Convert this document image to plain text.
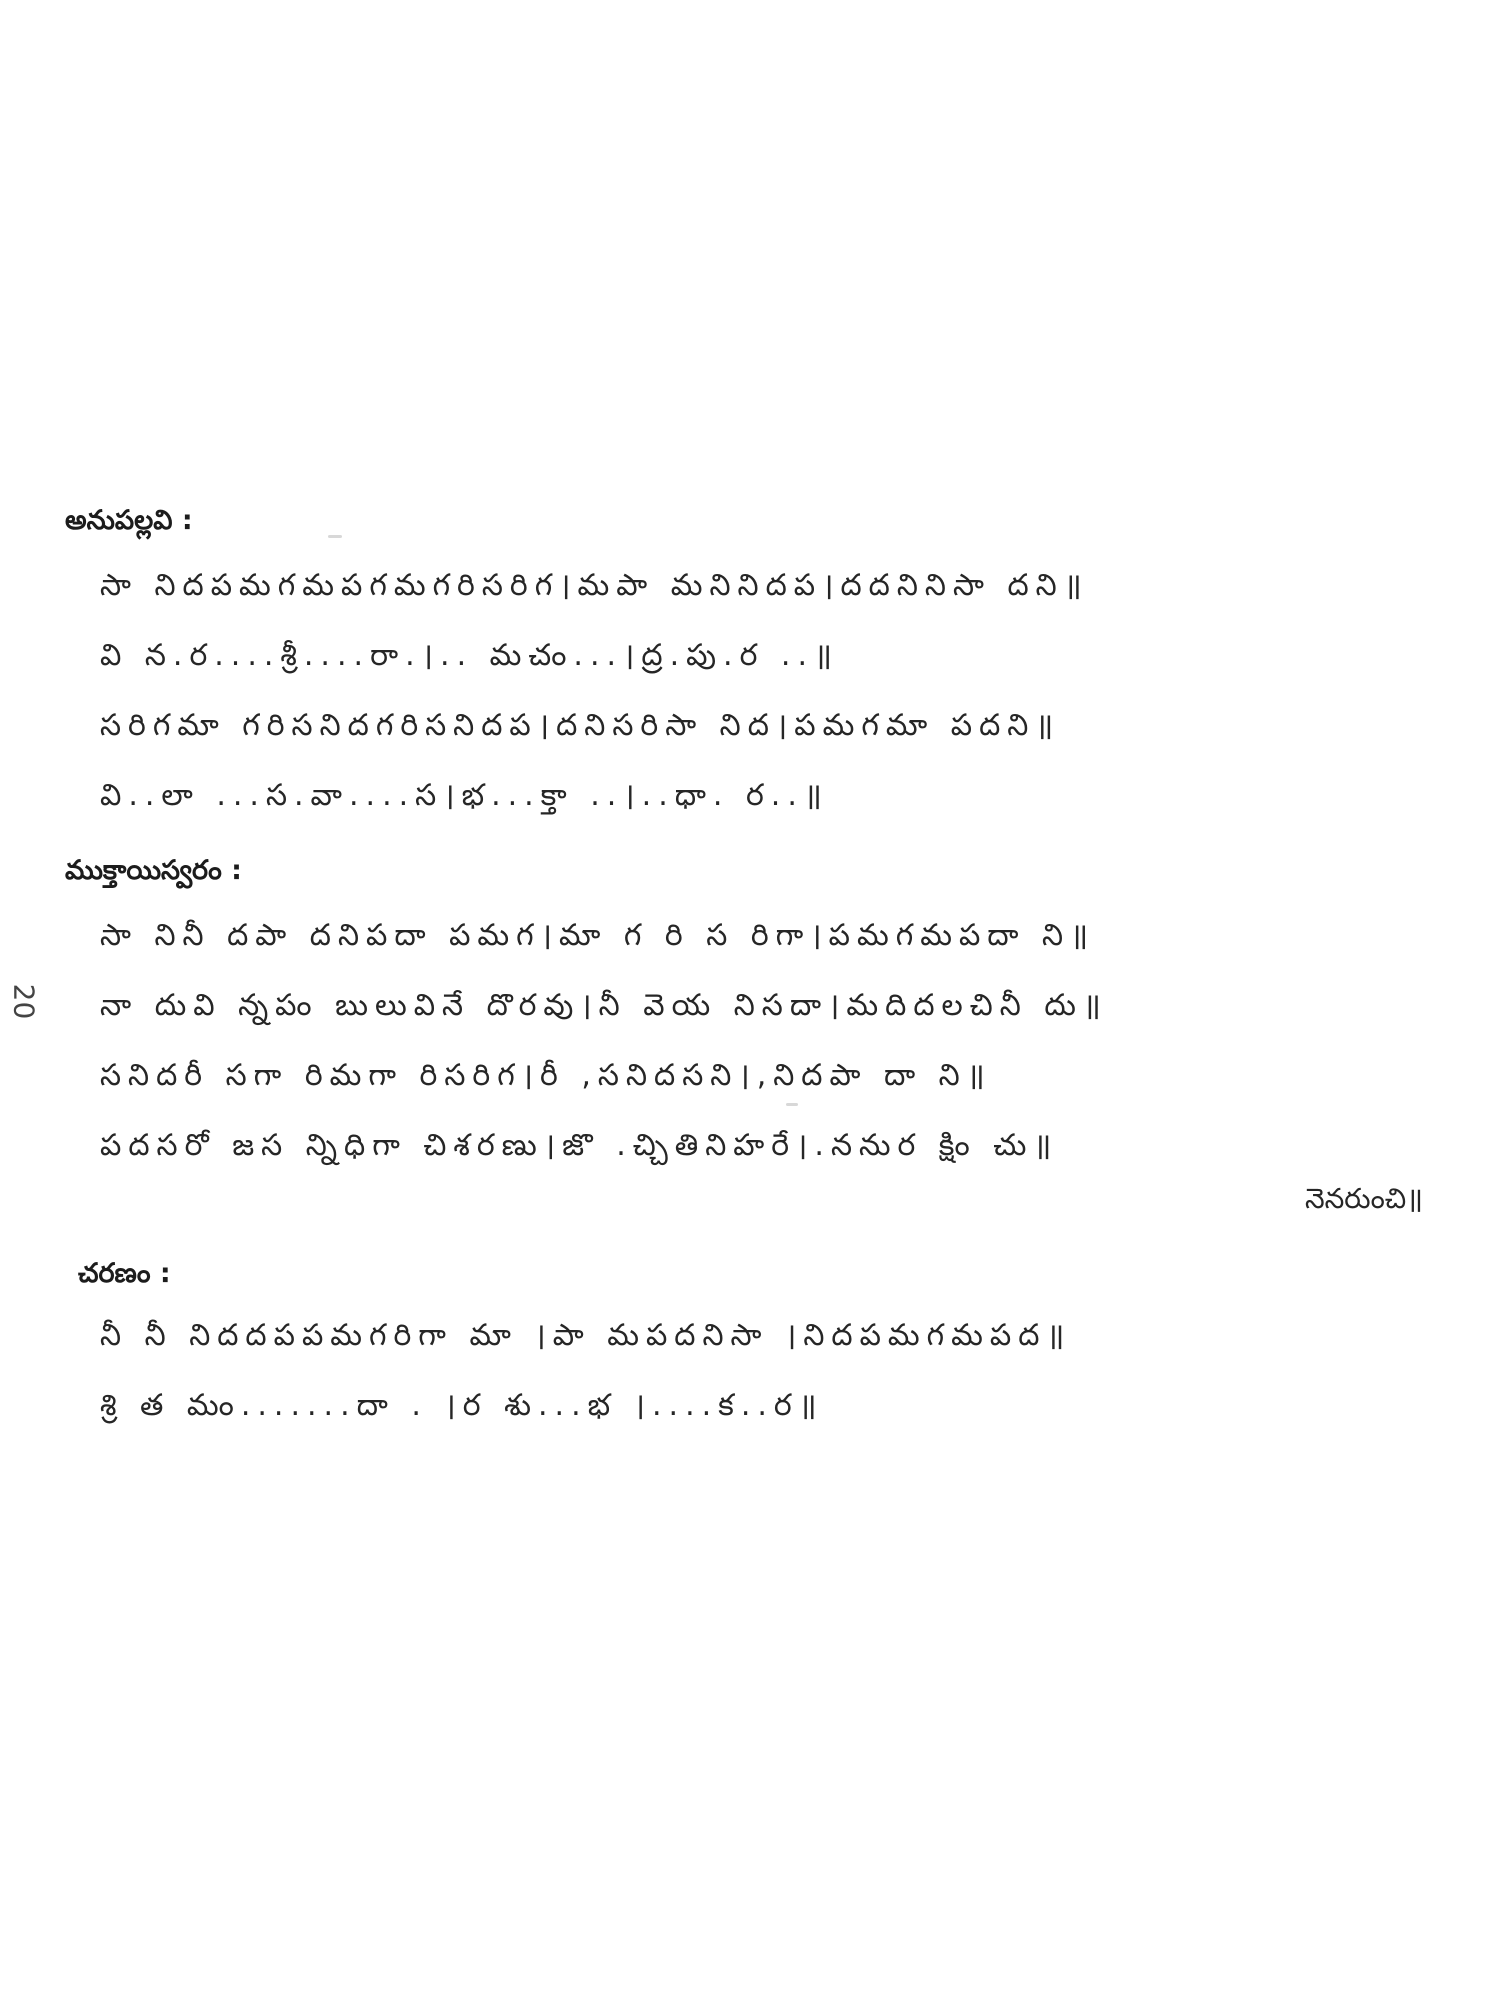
20
అనుపల్లవి :
సా నిదపమగమపగమగరిసరిగ।మపా మనినిదప।దదనినిసా దని॥
వి న.ర....శ్రీ....రా.।.. మచం...।ద్ర.పు.ర ..॥
సరిగమా గరిసనిదగరిసనిదప।దనిసరిసా నిద।పమగమా పదని॥
వి..లా ...స.వా....స।భ...క్తా ..।..ధా. ర..॥
ముక్తాయిస్వరం :
సా నినీ దపా దనిపదా పమగ।మా గ రి స రిగా।పమగమపదా ని॥
నా దువి న్నపం బులువినే దొరవు।నీ వెయ నిసదా।మదిదలచినీ దు॥
సనిదరీ సగా రిమగా రిసరిగ।రీ ,సనిదసని।,నిదపా దా ని॥
పదసరో జస న్నిధిగా చిశరణు।జొ .చ్చితినిహరే।.ననుర క్షిం చు॥
నెనరుంచి॥
చరణం :
నీ నీ నిదదపపమగరిగా మా ।పా మపదనిసా ।నిదపమగమపద॥
శ్రి త మం.......దా . ।ర శు...భ ।....క..ర॥
